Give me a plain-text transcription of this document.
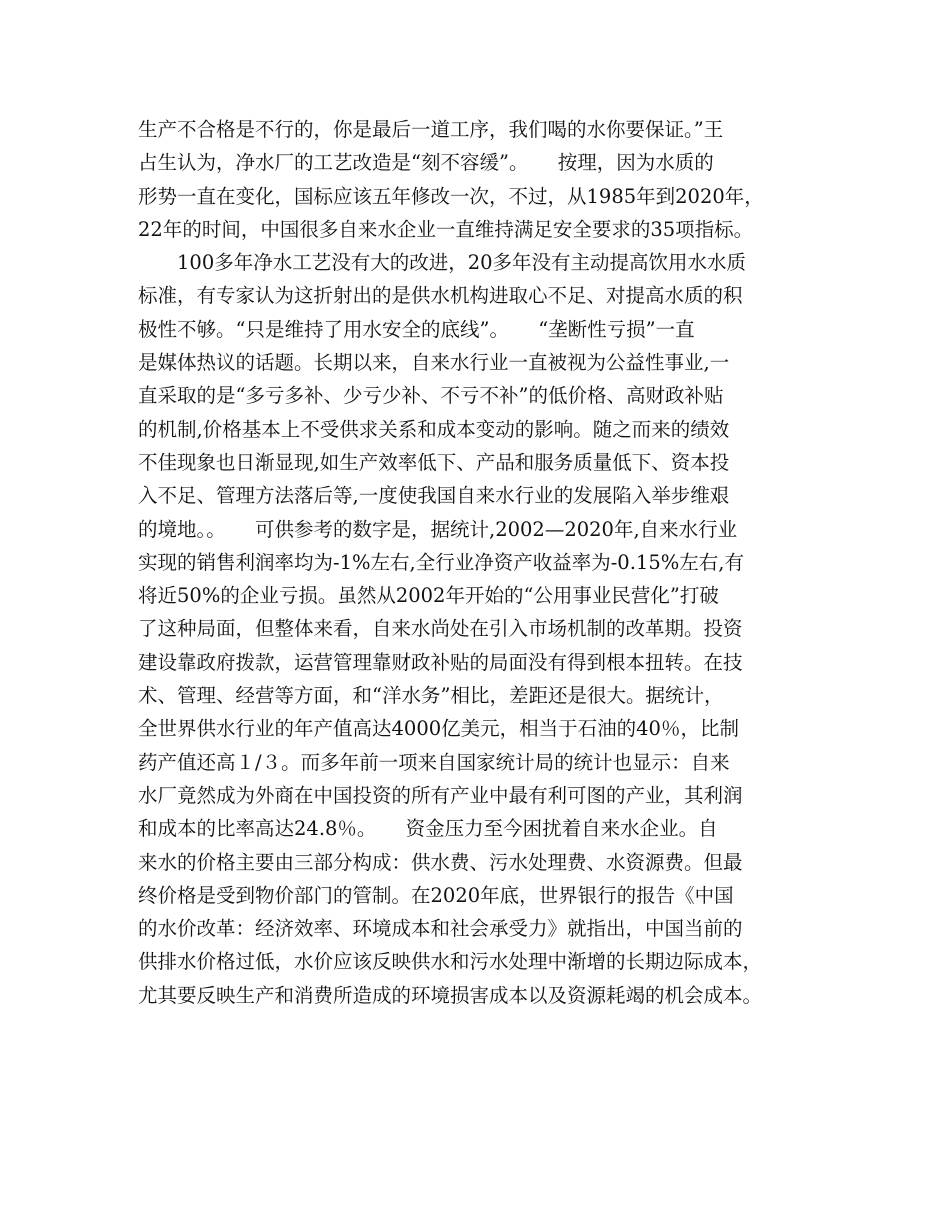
生产不合格是不行的，你是最后一道工序，我们喝的水你要保证。”王
占生认为，净水厂的工艺改造是“刻不容缓”。　　按理，因为水质的
形势一直在变化，国标应该五年修改一次，不过，从1985年到2020年，
22年的时间，中国很多自来水企业一直维持满足安全要求的35项指标。
100多年净水工艺没有大的改进，20多年没有主动提高饮用水水质
标准，有专家认为这折射出的是供水机构进取心不足、对提高水质的积
极性不够。“只是维持了用水安全的底线”。　　“垄断性亏损”一直
是媒体热议的话题。长期以来，自来水行业一直被视为公益性事业,一
直采取的是“多亏多补、少亏少补、不亏不补”的低价格、高财政补贴
的机制,价格基本上不受供求关系和成本变动的影响。随之而来的绩效
不佳现象也日渐显现,如生产效率低下、产品和服务质量低下、资本投
入不足、管理方法落后等,一度使我国自来水行业的发展陷入举步维艰
的境地。。　　可供参考的数字是，据统计,2002—2020年,自来水行业
实现的销售利润率均为-1%左右,全行业净资产收益率为-0.15%左右,有
将近50%的企业亏损。虽然从2002年开始的“公用事业民营化”打破
了这种局面，但整体来看，自来水尚处在引入市场机制的改革期。投资
建设靠政府拨款，运营管理靠财政补贴的局面没有得到根本扭转。在技
术、管理、经营等方面，和“洋水务”相比，差距还是很大。据统计，
全世界供水行业的年产值高达4000亿美元，相当于石油的40％，比制
药产值还高１/３。而多年前一项来自国家统计局的统计也显示：自来
水厂竟然成为外商在中国投资的所有产业中最有利可图的产业，其利润
和成本的比率高达24.8％。　　资金压力至今困扰着自来水企业。自
来水的价格主要由三部分构成：供水费、污水处理费、水资源费。但最
终价格是受到物价部门的管制。在2020年底，世界银行的报告《中国
的水价改革：经济效率、环境成本和社会承受力》就指出，中国当前的
供排水价格过低，水价应该反映供水和污水处理中渐增的长期边际成本，
尤其要反映生产和消费所造成的环境损害成本以及资源耗竭的机会成本。
